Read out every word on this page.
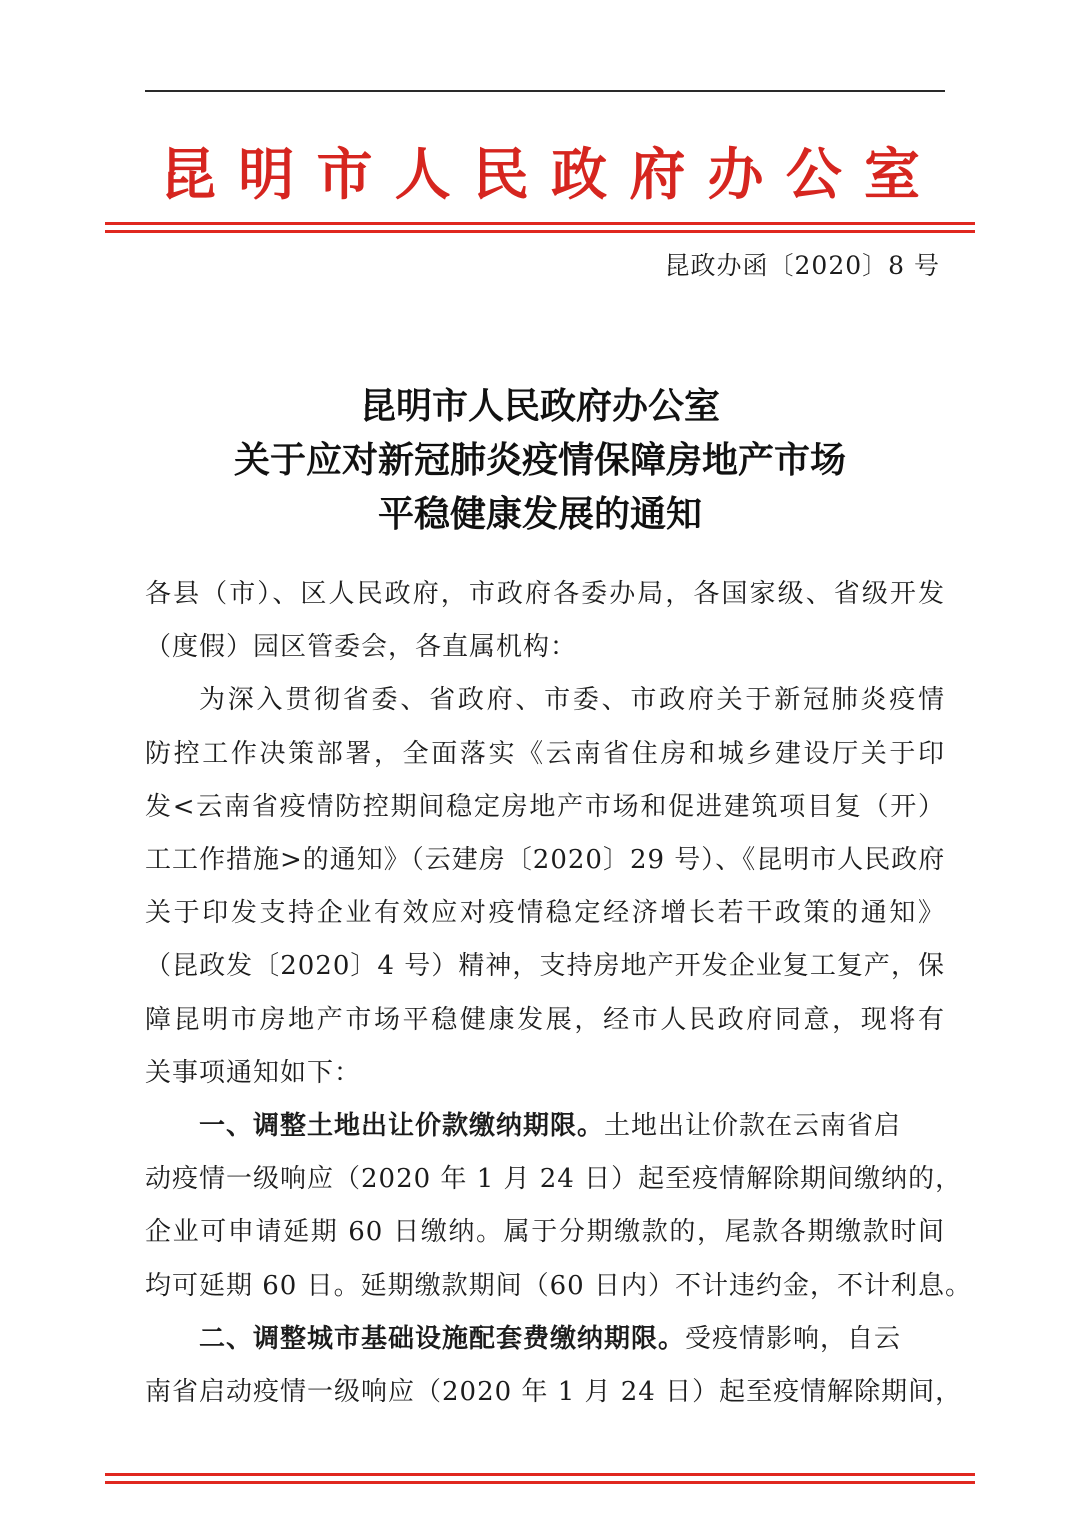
昆 明 市 人 民 政 府 办 公 室
昆政办函〔2020〕8 号
昆明市人民政府办公室
关于应对新冠肺炎疫情保障房地产市场
平稳健康发展的通知
各县（市）、区人民政府，市政府各委办局，各国家级、省级开发
（度假）园区管委会，各直属机构：
为深入贯彻省委、省政府、市委、市政府关于新冠肺炎疫情
防控工作决策部署，全面落实《云南省住房和城乡建设厅关于印
发<云南省疫情防控期间稳定房地产市场和促进建筑项目复（开）
工工作措施>的通知》（云建房〔2020〕29 号）、《昆明市人民政府
关于印发支持企业有效应对疫情稳定经济增长若干政策的通知》
（昆政发〔2020〕4 号）精神，支持房地产开发企业复工复产，保
障昆明市房地产市场平稳健康发展，经市人民政府同意，现将有
关事项通知如下：
一、调整土地出让价款缴纳期限。土地出让价款在云南省启
动疫情一级响应（2020 年 1 月 24 日）起至疫情解除期间缴纳的，
企业可申请延期 60 日缴纳。属于分期缴款的，尾款各期缴款时间
均可延期 60 日。延期缴款期间（60 日内）不计违约金，不计利息。
二、调整城市基础设施配套费缴纳期限。受疫情影响，自云
南省启动疫情一级响应（2020 年 1 月 24 日）起至疫情解除期间，
